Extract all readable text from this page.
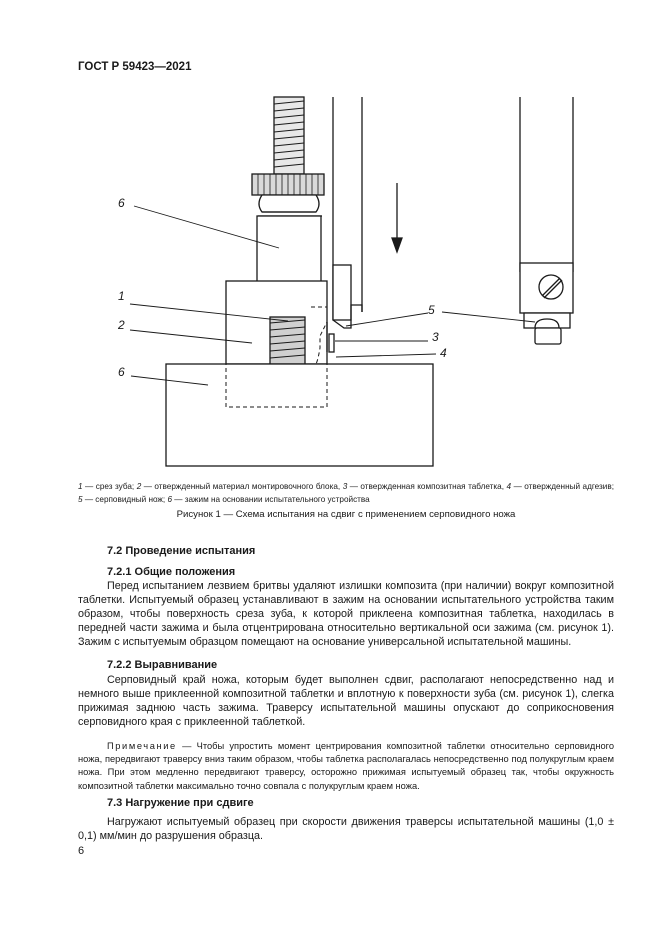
ГОСТ Р 59423—2021
6
1
2
6
5
3
4
1 — срез зуба; 2 — отвержденный материал монтировочного блока, 3 — отвержденная композитная таблетка, 4 — отвержденный адгезив; 5 — серповидный нож; 6 — зажим на основании испытательного устройства
Рисунок 1 — Схема испытания на сдвиг с применением серповидного ножа
7.2 Проведение испытания
7.2.1 Общие положения
Перед испытанием лезвием бритвы удаляют излишки композита (при наличии) вокруг композитной таблетки. Испытуемый образец устанавливают в зажим на основании испытательного устройства таким образом, чтобы поверхность среза зуба, к которой приклеена композитная таблетка, находилась в передней части зажима и была отцентрирована относительно вертикальной оси зажима (см. рисунок 1). Зажим с испытуемым образцом помещают на основание универсальной испытательной машины.
7.2.2 Выравнивание
Серповидный край ножа, которым будет выполнен сдвиг, располагают непосредственно над и немного выше приклеенной композитной таблетки и вплотную к поверхности зуба (см. рисунок 1), слегка прижимая заднюю часть зажима. Траверсу испытательной машины опускают до соприкосновения серповидного края с приклеенной таблеткой.
Примечание — Чтобы упростить момент центрирования композитной таблетки относительно серповидного ножа, передвигают траверсу вниз таким образом, чтобы таблетка располагалась непосредственно под полукруглым краем ножа. При этом медленно передвигают траверсу, осторожно прижимая испытуемый образец так, чтобы окружность композитной таблетки максимально точно совпала с полукруглым краем ножа.
7.3 Нагружение при сдвиге
Нагружают испытуемый образец при скорости движения траверсы испытательной машины (1,0 ± 0,1) мм/мин до разрушения образца.
6
